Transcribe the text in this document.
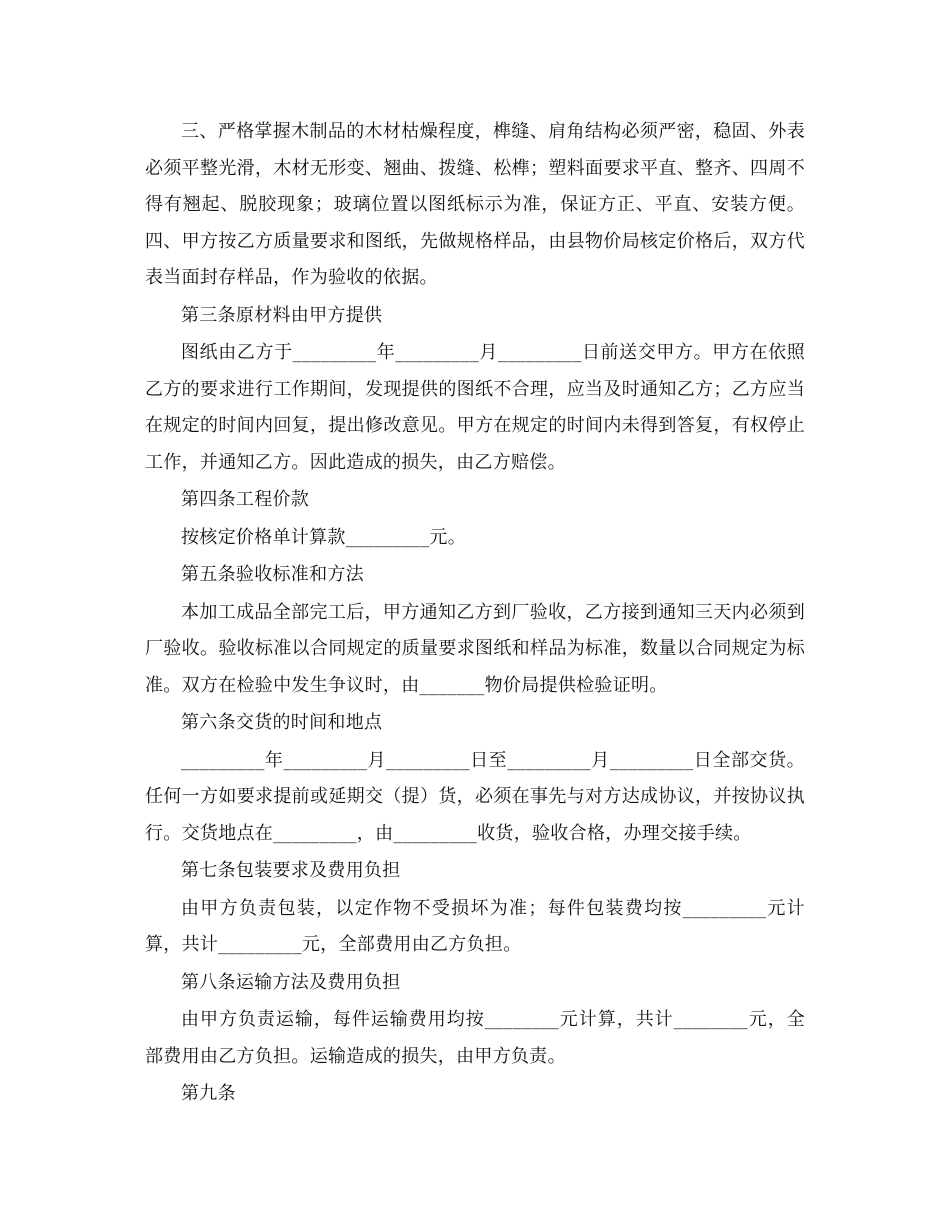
三、严格掌握木制品的木材枯燥程度，榫缝、肩角结构必须严密，稳固、外表必须平整光滑，木材无形变、翘曲、拨缝、松榫；塑料面要求平直、整齐、四周不得有翘起、脱胶现象；玻璃位置以图纸标示为准，保证方正、平直、安装方便。四、甲方按乙方质量要求和图纸，先做规格样品，由县物价局核定价格后，双方代表当面封存样品，作为验收的依据。

第三条原材料由甲方提供

图纸由乙方于_________年_________月_________日前送交甲方。甲方在依照乙方的要求进行工作期间，发现提供的图纸不合理，应当及时通知乙方；乙方应当在规定的时间内回复，提出修改意见。甲方在规定的时间内未得到答复，有权停止工作，并通知乙方。因此造成的损失，由乙方赔偿。

第四条工程价款

按核定价格单计算款_________元。

第五条验收标准和方法

本加工成品全部完工后，甲方通知乙方到厂验收，乙方接到通知三天内必须到厂验收。验收标准以合同规定的质量要求图纸和样品为标准，数量以合同规定为标准。双方在检验中发生争议时，由_______物价局提供检验证明。

第六条交货的时间和地点

_________年_________月_________日至_________月_________日全部交货。任何一方如要求提前或延期交（提）货，必须在事先与对方达成协议，并按协议执行。交货地点在_________，由_________收货，验收合格，办理交接手续。

第七条包装要求及费用负担

由甲方负责包装，以定作物不受损坏为准；每件包装费均按_________元计算，共计_________元，全部费用由乙方负担。

第八条运输方法及费用负担

由甲方负责运输，每件运输费用均按________元计算，共计________元，全部费用由乙方负担。运输造成的损失，由甲方负责。

第九条
